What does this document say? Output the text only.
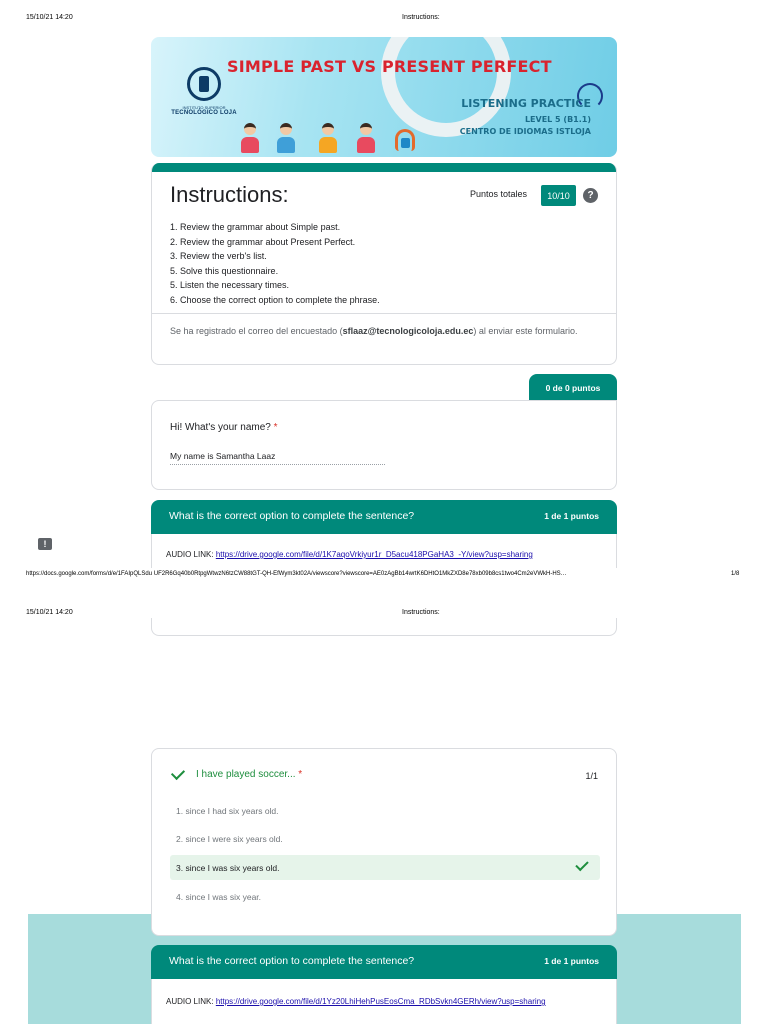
15/10/21 14:20	Instructions:
INSTITUTO SUPERIOR
TECNOLÓGICO LOJA
SIMPLE PAST VS PRESENT PERFECT
LISTENING PRACTICE
LEVEL 5 (B1.1)
CENTRO DE IDIOMAS ISTLOJA
Instructions:	Puntos totales	10/10	?
1. Review the grammar about Simple past.
2. Review the grammar about Present Perfect.
3. Review the verb's list.
5. Solve this questionnaire.
5. Listen the necessary times.
6. Choose the correct option to complete the phrase.
Se ha registrado el correo del encuestado (sflaaz@tecnologicoloja.edu.ec) al enviar este formulario.
0 de 0 puntos
Hi! What's your name? *
My name is Samantha Laaz
What is the correct option to complete the sentence?	1 de 1 puntos
AUDIO LINK: https://drive.google.com/file/d/1K7aqoVrkiyur1r_D5acu418PGaHA3_-Y/view?usp=sharing
!
https://docs.google.com/forms/d/e/1FAIpQLSdu UF2R6Gq40b0RtpgWtwzN6tzCW88tGT-QH-EfWym3kt02A/viewscore?viewscore=AE0zAgBb14wrtK6DHtO1MkZXD8e78xb09b8cs1two4Cm2eVWkH-HS…	1/8
15/10/21 14:20	Instructions:
I have played soccer... *	1/1
1. since I had six years old.
2. since I were six years old.
3. since I was six years old.
4. since I was six year.
What is the correct option to complete the sentence?	1 de 1 puntos
AUDIO LINK: https://drive.google.com/file/d/1Yz20LhiHehPusEosCma_RDbSvkn4GERh/view?usp=sharing
